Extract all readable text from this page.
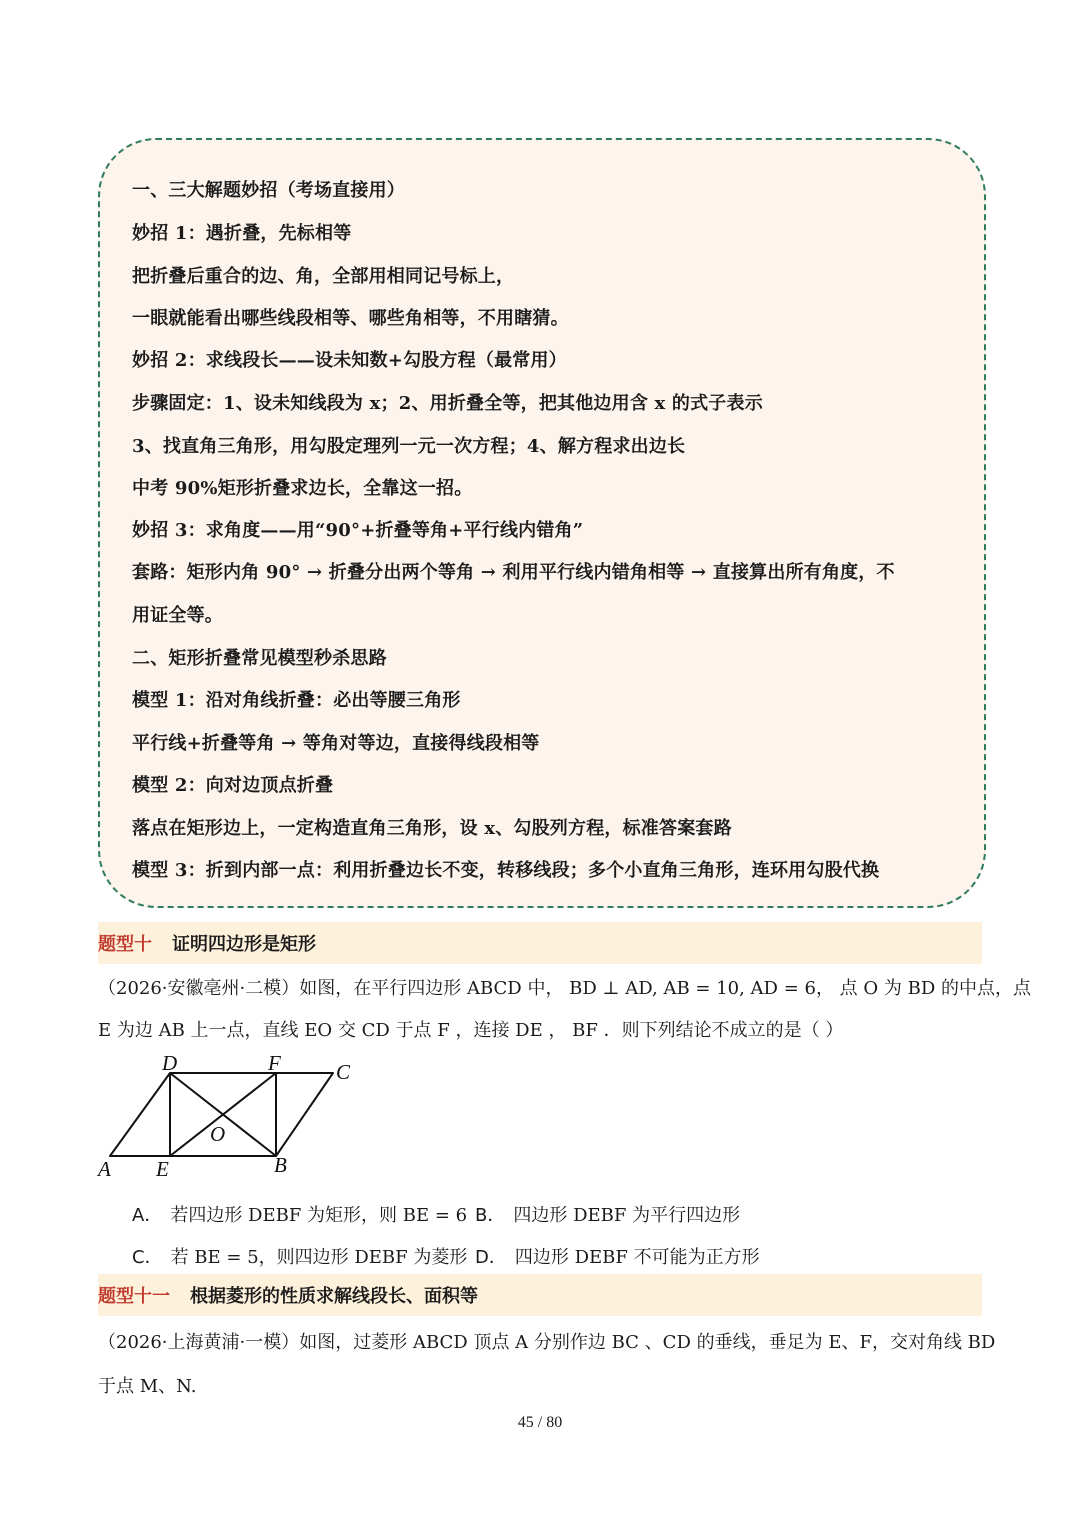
一、三大解题妙招（考场直接用）
妙招 1：遇折叠，先标相等
把折叠后重合的边、角，全部用相同记号标上，
一眼就能看出哪些线段相等、哪些角相等，不用瞎猜。
妙招 2：求线段长——设未知数+勾股方程（最常用）
步骤固定：1、设未知线段为 x；2、用折叠全等，把其他边用含 x 的式子表示
3、找直角三角形，用勾股定理列一元一次方程；4、解方程求出边长
中考 90%矩形折叠求边长，全靠这一招。
妙招 3：求角度——用“90°+折叠等角+平行线内错角”
套路：矩形内角 90° → 折叠分出两个等角 → 利用平行线内错角相等 → 直接算出所有角度，不
用证全等。
二、矩形折叠常见模型秒杀思路
模型 1：沿对角线折叠：必出等腰三角形
平行线+折叠等角 → 等角对等边，直接得线段相等
模型 2：向对边顶点折叠
落点在矩形边上，一定构造直角三角形，设 x、勾股列方程，标准答案套路
模型 3：折到内部一点：利用折叠边长不变，转移线段；多个小直角三角形，连环用勾股代换
题型十 证明四边形是矩形
（2026·安徽亳州·二模）如图，在平行四边形 ABCD 中， BD ⊥ AD, AB = 10, AD = 6， 点 O 为 BD 的中点，点
E 为边 AB 上一点，直线 EO 交 CD 于点 F ，连接 DE ， BF ．则下列结论不成立的是（ ）
D	F	C
O
A E	B
A． 若四边形 DEBF 为矩形，则 BE = 6 B． 四边形 DEBF 为平行四边形
C． 若 BE = 5，则四边形 DEBF 为菱形 D． 四边形 DEBF 不可能为正方形
题型十一 根据菱形的性质求解线段长、面积等
（2026·上海黄浦·一模）如图，过菱形 ABCD 顶点 A 分别作边 BC 、CD 的垂线，垂足为 E、F，交对角线 BD
于点 M、N.
45 / 80
